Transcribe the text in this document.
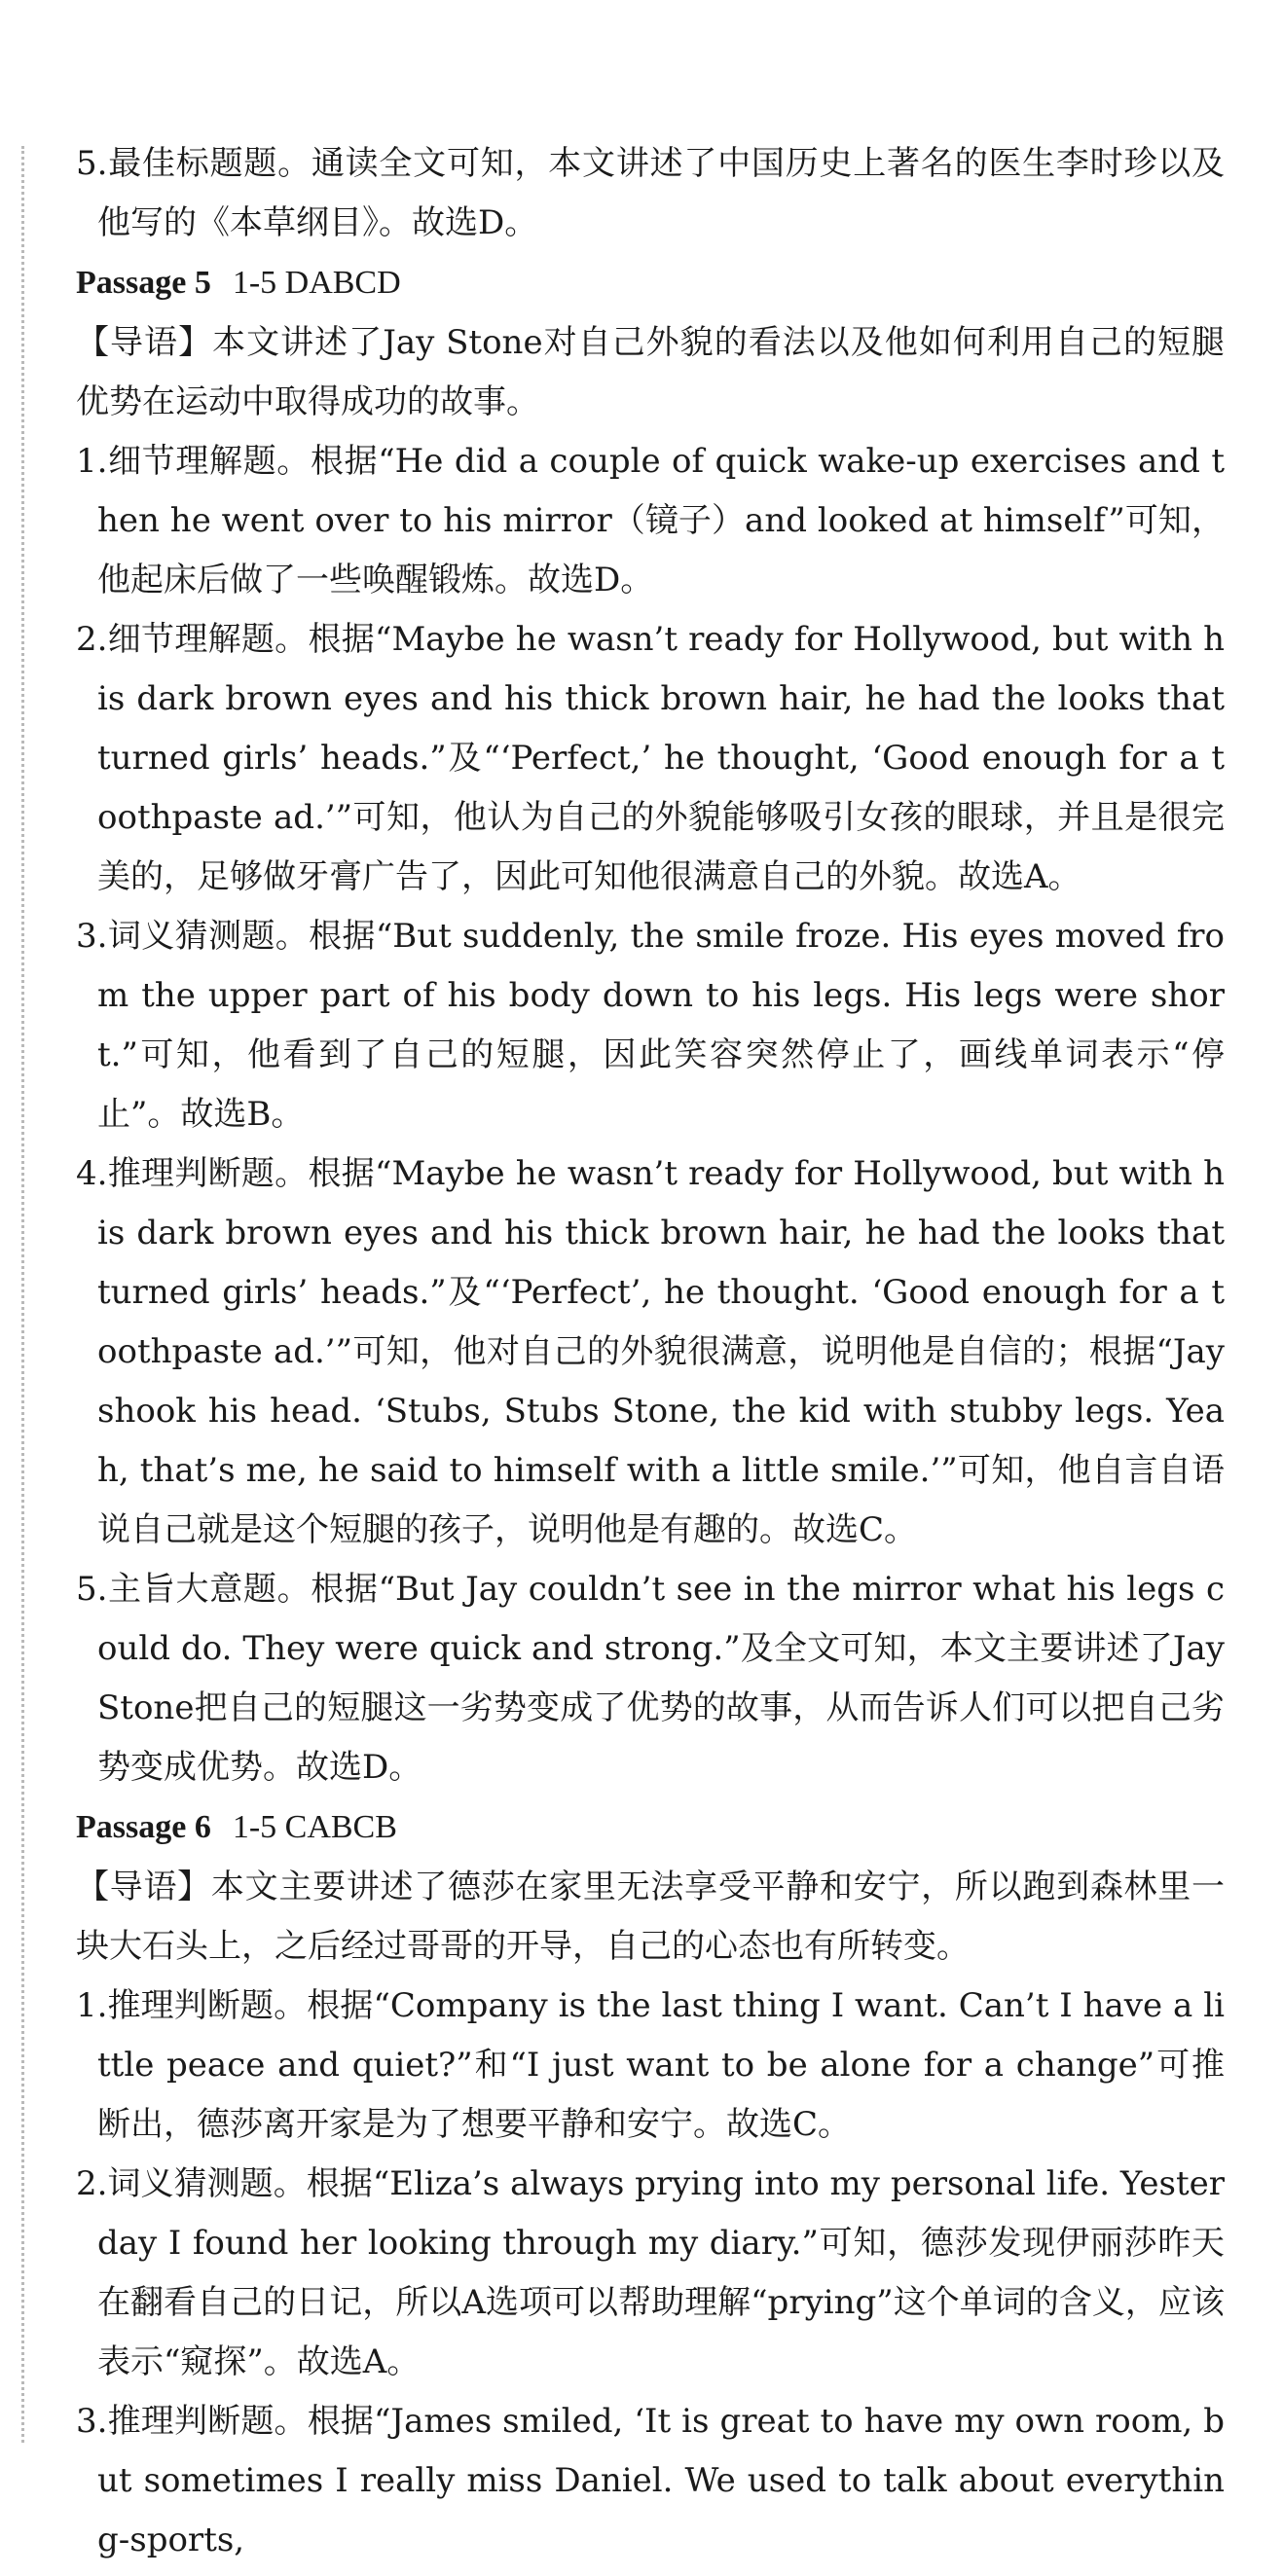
5.最佳标题题。通读全文可知，本文讲述了中国历史上著名的医生李时珍以及他写的《本草纲目》。故选D。

Passage 5 1-5 DABCD

【导语】本文讲述了Jay Stone对自己外貌的看法以及他如何利用自己的短腿优势在运动中取得成功的故事。

1.细节理解题。根据“He did a couple of quick wake-up exercises and then he went over to his mirror（镜子）and looked at himself”可知，他起床后做了一些唤醒锻炼。故选D。

2.细节理解题。根据“Maybe he wasn’t ready for Hollywood, but with his dark brown eyes and his thick brown hair, he had the looks that turned girls’ heads.”及“‘Perfect,’ he thought, ‘Good enough for a toothpaste ad.’”可知，他认为自己的外貌能够吸引女孩的眼球，并且是很完美的，足够做牙膏广告了，因此可知他很满意自己的外貌。故选A。

3.词义猜测题。根据“But suddenly, the smile froze. His eyes moved from the upper part of his body down to his legs. His legs were short.”可知，他看到了自己的短腿，因此笑容突然停止了，画线单词表示“停止”。故选B。

4.推理判断题。根据“Maybe he wasn’t ready for Hollywood, but with his dark brown eyes and his thick brown hair, he had the looks that turned girls’ heads.”及“‘Perfect’, he thought. ‘Good enough for a toothpaste ad.’”可知，他对自己的外貌很满意，说明他是自信的；根据“Jay shook his head. ‘Stubs, Stubs Stone, the kid with stubby legs. Yeah, that’s me, he said to himself with a little smile.’”可知，他自言自语说自己就是这个短腿的孩子，说明他是有趣的。故选C。

5.主旨大意题。根据“But Jay couldn’t see in the mirror what his legs could do. They were quick and strong.”及全文可知，本文主要讲述了Jay Stone把自己的短腿这一劣势变成了优势的故事，从而告诉人们可以把自己劣势变成优势。故选D。

Passage 6 1-5 CABCB

【导语】本文主要讲述了德莎在家里无法享受平静和安宁，所以跑到森林里一块大石头上，之后经过哥哥的开导，自己的心态也有所转变。

1.推理判断题。根据“Company is the last thing I want. Can’t I have a little peace and quiet?”和“I just want to be alone for a change”可推断出，德莎离开家是为了想要平静和安宁。故选C。

2.词义猜测题。根据“Eliza’s always prying into my personal life. Yesterday I found her looking through my diary.”可知，德莎发现伊丽莎昨天在翻看自己的日记，所以A选项可以帮助理解“prying”这个单词的含义，应该表示“窥探”。故选A。

3.推理判断题。根据“James smiled, ‘It is great to have my own room, but sometimes I really miss Daniel. We used to talk about everything-sports,
